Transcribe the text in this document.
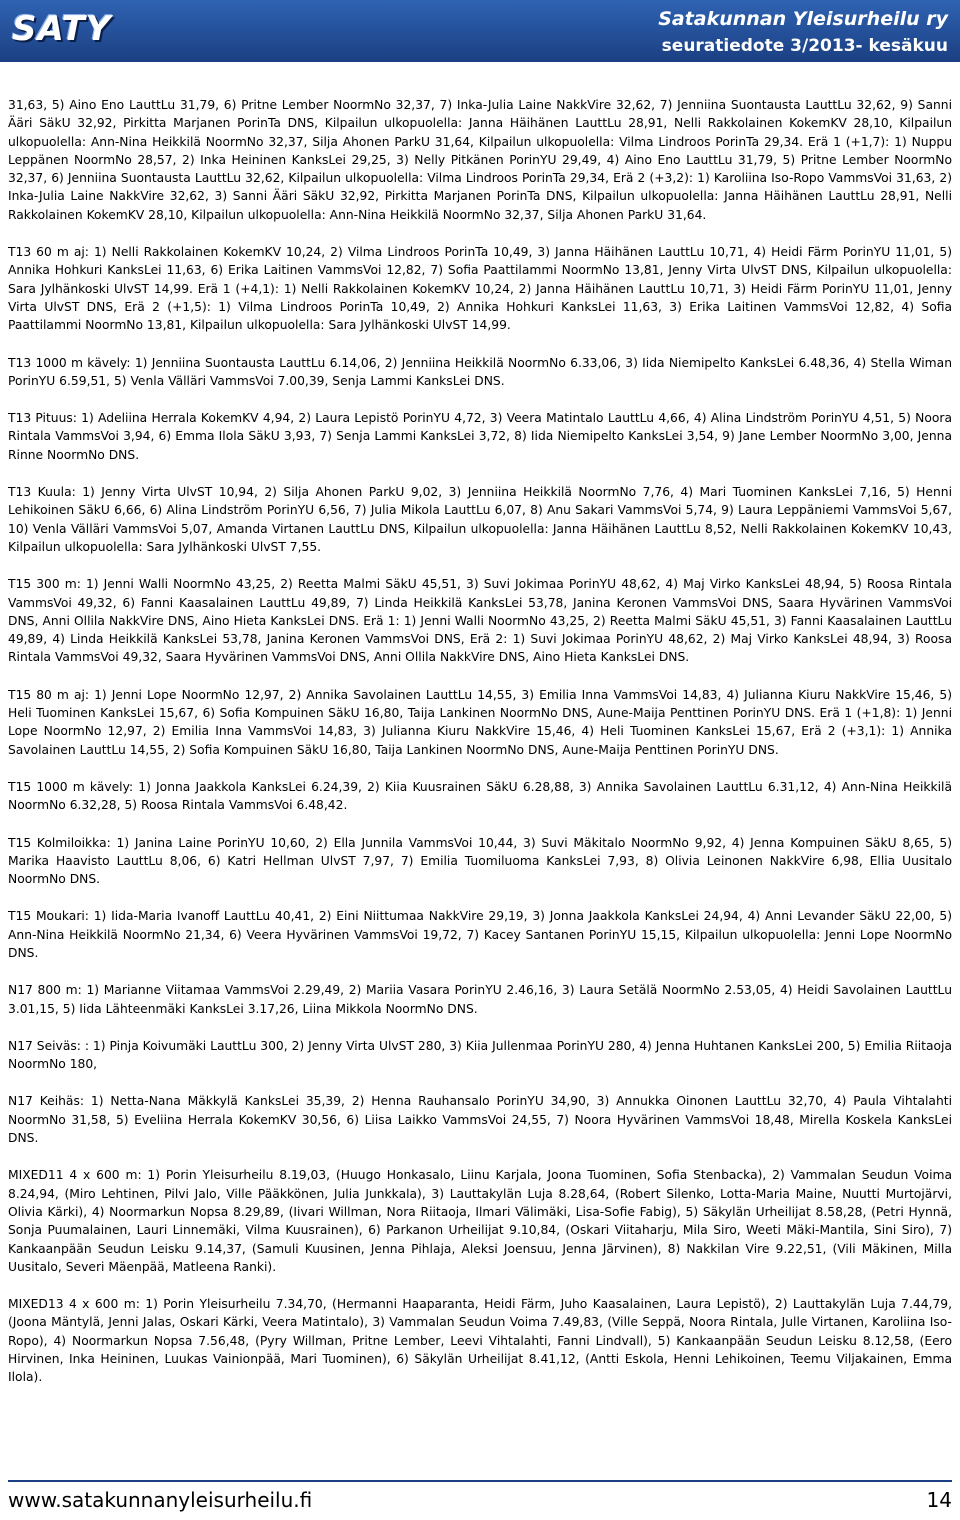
SATY	Satakunnan Yleisurheilu ry
seuratiedote 3/2013- kesäkuu

31,63, 5) Aino Eno LauttLu 31,79, 6) Pritne Lember NoormNo 32,37, 7) Inka-Julia Laine NakkVire 32,62, 7) Jenniina Suontausta LauttLu 32,62, 9) Sanni Ääri SäkU 32,92, Pirkitta Marjanen PorinTa DNS, Kilpailun ulkopuolella: Janna Häihänen LauttLu 28,91, Nelli Rakkolainen KokemKV 28,10, Kilpailun ulkopuolella: Ann-Nina Heikkilä NoormNo 32,37, Silja Ahonen ParkU 31,64, Kilpailun ulkopuolella: Vilma Lindroos PorinTa 29,34. Erä 1 (+1,7): 1) Nuppu Leppänen NoormNo 28,57, 2) Inka Heininen KanksLei 29,25, 3) Nelly Pitkänen PorinYU 29,49, 4) Aino Eno LauttLu 31,79, 5) Pritne Lember NoormNo 32,37, 6) Jenniina Suontausta LauttLu 32,62, Kilpailun ulkopuolella: Vilma Lindroos PorinTa 29,34, Erä 2 (+3,2): 1) Karoliina Iso-Ropo VammsVoi 31,63, 2) Inka-Julia Laine NakkVire 32,62, 3) Sanni Ääri SäkU 32,92, Pirkitta Marjanen PorinTa DNS, Kilpailun ulkopuolella: Janna Häihänen LauttLu 28,91, Nelli Rakkolainen KokemKV 28,10, Kilpailun ulkopuolella: Ann-Nina Heikkilä NoormNo 32,37, Silja Ahonen ParkU 31,64.

T13 60 m aj: 1) Nelli Rakkolainen KokemKV 10,24, 2) Vilma Lindroos PorinTa 10,49, 3) Janna Häihänen LauttLu 10,71, 4) Heidi Färm PorinYU 11,01, 5) Annika Hohkuri KanksLei 11,63, 6) Erika Laitinen VammsVoi 12,82, 7) Sofia Paattilammi NoormNo 13,81, Jenny Virta UlvST DNS, Kilpailun ulkopuolella: Sara Jylhänkoski UlvST 14,99. Erä 1 (+4,1): 1) Nelli Rakkolainen KokemKV 10,24, 2) Janna Häihänen LauttLu 10,71, 3) Heidi Färm PorinYU 11,01, Jenny Virta UlvST DNS, Erä 2 (+1,5): 1) Vilma Lindroos PorinTa 10,49, 2) Annika Hohkuri KanksLei 11,63, 3) Erika Laitinen VammsVoi 12,82, 4) Sofia Paattilammi NoormNo 13,81, Kilpailun ulkopuolella: Sara Jylhänkoski UlvST 14,99.

T13 1000 m kävely: 1) Jenniina Suontausta LauttLu 6.14,06, 2) Jenniina Heikkilä NoormNo 6.33,06, 3) Iida Niemipelto KanksLei 6.48,36, 4) Stella Wiman PorinYU 6.59,51, 5) Venla Välläri VammsVoi 7.00,39, Senja Lammi KanksLei DNS.

T13 Pituus: 1) Adeliina Herrala KokemKV 4,94, 2) Laura Lepistö PorinYU 4,72, 3) Veera Matintalo LauttLu 4,66, 4) Alina Lindström PorinYU 4,51, 5) Noora Rintala VammsVoi 3,94, 6) Emma Ilola SäkU 3,93, 7) Senja Lammi KanksLei 3,72, 8) Iida Niemipelto KanksLei 3,54, 9) Jane Lember NoormNo 3,00, Jenna Rinne NoormNo DNS.

T13 Kuula: 1) Jenny Virta UlvST 10,94, 2) Silja Ahonen ParkU 9,02, 3) Jenniina Heikkilä NoormNo 7,76, 4) Mari Tuominen KanksLei 7,16, 5) Henni Lehikoinen SäkU 6,66, 6) Alina Lindström PorinYU 6,56, 7) Julia Mikola LauttLu 6,07, 8) Anu Sakari VammsVoi 5,74, 9) Laura Leppäniemi VammsVoi 5,67, 10) Venla Välläri VammsVoi 5,07, Amanda Virtanen LauttLu DNS, Kilpailun ulkopuolella: Janna Häihänen LauttLu 8,52, Nelli Rakkolainen KokemKV 10,43, Kilpailun ulkopuolella: Sara Jylhänkoski UlvST 7,55.

T15 300 m: 1) Jenni Walli NoormNo 43,25, 2) Reetta Malmi SäkU 45,51, 3) Suvi Jokimaa PorinYU 48,62, 4) Maj Virko KanksLei 48,94, 5) Roosa Rintala VammsVoi 49,32, 6) Fanni Kaasalainen LauttLu 49,89, 7) Linda Heikkilä KanksLei 53,78, Janina Keronen VammsVoi DNS, Saara Hyvärinen VammsVoi DNS, Anni Ollila NakkVire DNS, Aino Hieta KanksLei DNS. Erä 1: 1) Jenni Walli NoormNo 43,25, 2) Reetta Malmi SäkU 45,51, 3) Fanni Kaasalainen LauttLu 49,89, 4) Linda Heikkilä KanksLei 53,78, Janina Keronen VammsVoi DNS, Erä 2: 1) Suvi Jokimaa PorinYU 48,62, 2) Maj Virko KanksLei 48,94, 3) Roosa Rintala VammsVoi 49,32, Saara Hyvärinen VammsVoi DNS, Anni Ollila NakkVire DNS, Aino Hieta KanksLei DNS.

T15 80 m aj: 1) Jenni Lope NoormNo 12,97, 2) Annika Savolainen LauttLu 14,55, 3) Emilia Inna VammsVoi 14,83, 4) Julianna Kiuru NakkVire 15,46, 5) Heli Tuominen KanksLei 15,67, 6) Sofia Kompuinen SäkU 16,80, Taija Lankinen NoormNo DNS, Aune-Maija Penttinen PorinYU DNS. Erä 1 (+1,8): 1) Jenni Lope NoormNo 12,97, 2) Emilia Inna VammsVoi 14,83, 3) Julianna Kiuru NakkVire 15,46, 4) Heli Tuominen KanksLei 15,67, Erä 2 (+3,1): 1) Annika Savolainen LauttLu 14,55, 2) Sofia Kompuinen SäkU 16,80, Taija Lankinen NoormNo DNS, Aune-Maija Penttinen PorinYU DNS.

T15 1000 m kävely: 1) Jonna Jaakkola KanksLei 6.24,39, 2) Kiia Kuusrainen SäkU 6.28,88, 3) Annika Savolainen LauttLu 6.31,12, 4) Ann-Nina Heikkilä NoormNo 6.32,28, 5) Roosa Rintala VammsVoi 6.48,42.

T15 Kolmiloikka: 1) Janina Laine PorinYU 10,60, 2) Ella Junnila VammsVoi 10,44, 3) Suvi Mäkitalo NoormNo 9,92, 4) Jenna Kompuinen SäkU 8,65, 5) Marika Haavisto LauttLu 8,06, 6) Katri Hellman UlvST 7,97, 7) Emilia Tuomiluoma KanksLei 7,93, 8) Olivia Leinonen NakkVire 6,98, Ellia Uusitalo NoormNo DNS.

T15 Moukari: 1) Iida-Maria Ivanoff LauttLu 40,41, 2) Eini Niittumaa NakkVire 29,19, 3) Jonna Jaakkola KanksLei 24,94, 4) Anni Levander SäkU 22,00, 5) Ann-Nina Heikkilä NoormNo 21,34, 6) Veera Hyvärinen VammsVoi 19,72, 7) Kacey Santanen PorinYU 15,15, Kilpailun ulkopuolella: Jenni Lope NoormNo DNS.

N17 800 m: 1) Marianne Viitamaa VammsVoi 2.29,49, 2) Mariia Vasara PorinYU 2.46,16, 3) Laura Setälä NoormNo 2.53,05, 4) Heidi Savolainen LauttLu 3.01,15, 5) Iida Lähteenmäki KanksLei 3.17,26, Liina Mikkola NoormNo DNS.

N17 Seiväs: : 1) Pinja Koivumäki LauttLu 300, 2) Jenny Virta UlvST 280, 3) Kiia Jullenmaa PorinYU 280, 4) Jenna Huhtanen KanksLei 200, 5) Emilia Riitaoja NoormNo 180,

N17 Keihäs: 1) Netta-Nana Mäkkylä KanksLei 35,39, 2) Henna Rauhansalo PorinYU 34,90, 3) Annukka Oinonen LauttLu 32,70, 4) Paula Vihtalahti NoormNo 31,58, 5) Eveliina Herrala KokemKV 30,56, 6) Liisa Laikko VammsVoi 24,55, 7) Noora Hyvärinen VammsVoi 18,48, Mirella Koskela KanksLei DNS.

MIXED11 4 x 600 m: 1) Porin Yleisurheilu 8.19,03, (Huugo Honkasalo, Liinu Karjala, Joona Tuominen, Sofia Stenbacka), 2) Vammalan Seudun Voima 8.24,94, (Miro Lehtinen, Pilvi Jalo, Ville Pääkkönen, Julia Junkkala), 3) Lauttakylän Luja 8.28,64, (Robert Silenko, Lotta-Maria Maine, Nuutti Murtojärvi, Olivia Kärki), 4) Noormarkun Nopsa 8.29,89, (Iivari Willman, Nora Riitaoja, Ilmari Välimäki, Lisa-Sofie Fabig), 5) Säkylän Urheilijat 8.58,28, (Petri Hynnä, Sonja Puumalainen, Lauri Linnemäki, Vilma Kuusrainen), 6) Parkanon Urheilijat 9.10,84, (Oskari Viitaharju, Mila Siro, Weeti Mäki-Mantila, Sini Siro), 7) Kankaanpään Seudun Leisku 9.14,37, (Samuli Kuusinen, Jenna Pihlaja, Aleksi Joensuu, Jenna Järvinen), 8) Nakkilan Vire 9.22,51, (Vili Mäkinen, Milla Uusitalo, Severi Mäenpää, Matleena Ranki).

MIXED13 4 x 600 m: 1) Porin Yleisurheilu 7.34,70, (Hermanni Haaparanta, Heidi Färm, Juho Kaasalainen, Laura Lepistö), 2) Lauttakylän Luja 7.44,79, (Joona Mäntylä, Jenni Jalas, Oskari Kärki, Veera Matintalo), 3) Vammalan Seudun Voima 7.49,83, (Ville Seppä, Noora Rintala, Julle Virtanen, Karoliina Iso-Ropo), 4) Noormarkun Nopsa 7.56,48, (Pyry Willman, Pritne Lember, Leevi Vihtalahti, Fanni Lindvall), 5) Kankaanpään Seudun Leisku 8.12,58, (Eero Hirvinen, Inka Heininen, Luukas Vainionpää, Mari Tuominen), 6) Säkylän Urheilijat 8.41,12, (Antti Eskola, Henni Lehikoinen, Teemu Viljakainen, Emma Ilola).

www.satakunnanyleisurheilu.fi	14
